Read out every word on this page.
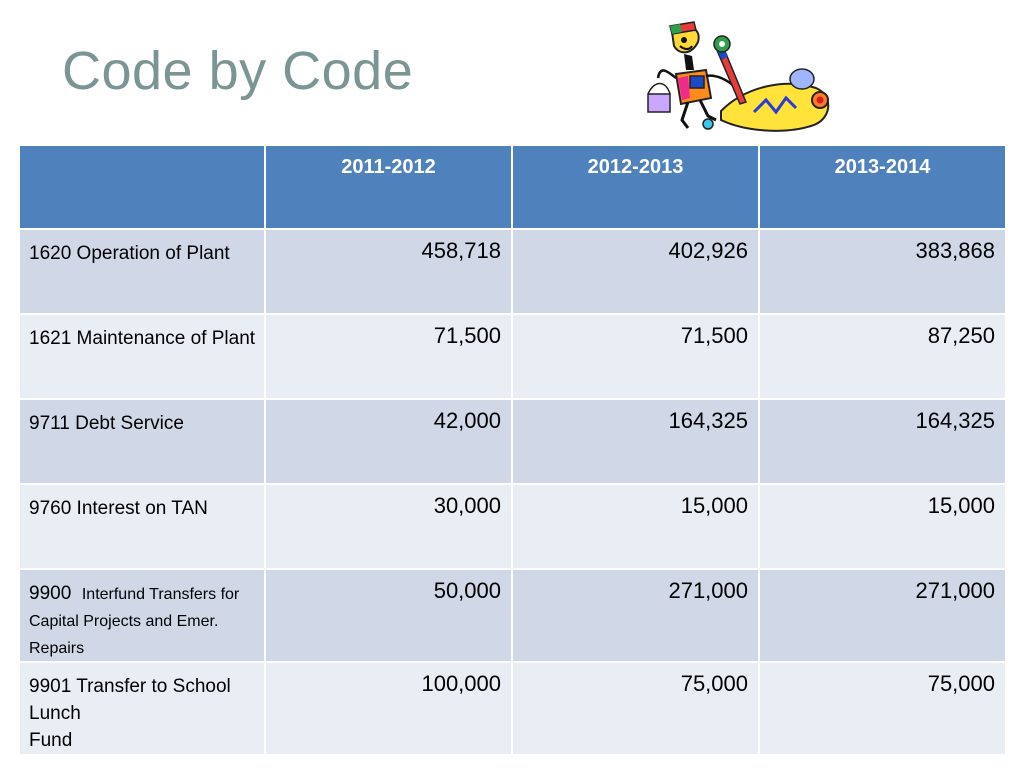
Code by Code
	2011-2012	2012-2013	2013-2014
1620 Operation of Plant	458,718	402,926	383,868
1621 Maintenance of Plant	71,500	71,500	87,250
9711 Debt Service	42,000	164,325	164,325
9760 Interest on TAN	30,000	15,000	15,000
9900 Interfund Transfers for Capital Projects and Emer. Repairs	50,000	271,000	271,000

9901 Transfer to School Lunch
Fund	100,000	75,000	75,000
